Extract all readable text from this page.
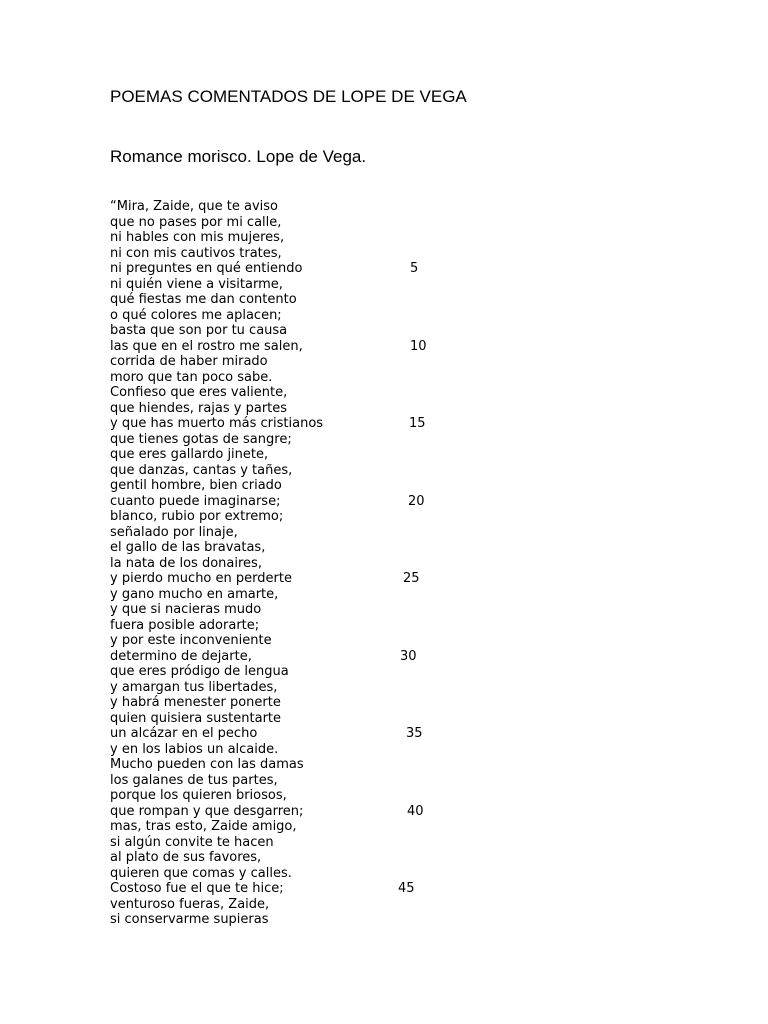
POEMAS COMENTADOS DE LOPE DE VEGA
Romance morisco. Lope de Vega.
“Mira, Zaide, que te aviso
que no pases por mi calle,
ni hables con mis mujeres,
ni con mis cautivos trates,
ni preguntes en qué entiendo	5
ni quién viene a visitarme,
qué fiestas me dan contento
o qué colores me aplacen;
basta que son por tu causa
las que en el rostro me salen,	10
corrida de haber mirado
moro que tan poco sabe.
Confieso que eres valiente,
que hiendes, rajas y partes
y que has muerto más cristianos	15
que tienes gotas de sangre;
que eres gallardo jinete,
que danzas, cantas y tañes,
gentil hombre, bien criado
cuanto puede imaginarse;	20
blanco, rubio por extremo;
señalado por linaje,
el gallo de las bravatas,
la nata de los donaires,
y pierdo mucho en perderte	25
y gano mucho en amarte,
y que si nacieras mudo
fuera posible adorarte;
y por este inconveniente
determino de dejarte,	30
que eres pródigo de lengua
y amargan tus libertades,
y habrá menester ponerte
quien quisiera sustentarte
un alcázar en el pecho	35
y en los labios un alcaide.
Mucho pueden con las damas
los galanes de tus partes,
porque los quieren briosos,
que rompan y que desgarren;	40
mas, tras esto, Zaide amigo,
si algún convite te hacen
al plato de sus favores,
quieren que comas y calles.
Costoso fue el que te hice;	45
venturoso fueras, Zaide,
si conservarme supieras
